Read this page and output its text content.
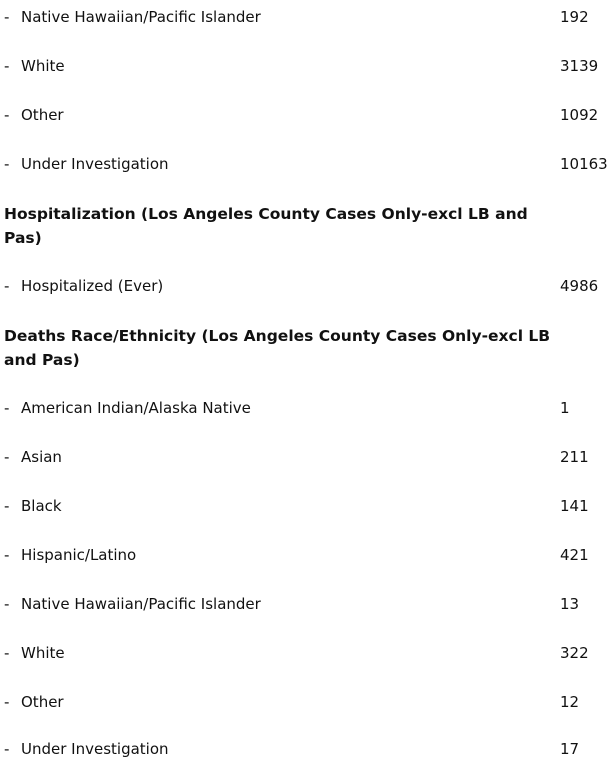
- Native Hawaiian/Pacific Islander	192
- White	3139
- Other	1092
- Under Investigation	10163
Hospitalization (Los Angeles County Cases Only-excl LB and Pas)
- Hospitalized (Ever)	4986
Deaths Race/Ethnicity (Los Angeles County Cases Only-excl LB and Pas)
- American Indian/Alaska Native	1
- Asian	211
- Black	141
- Hispanic/Latino	421
- Native Hawaiian/Pacific Islander	13
- White	322
- Other	12
- Under Investigation	17
